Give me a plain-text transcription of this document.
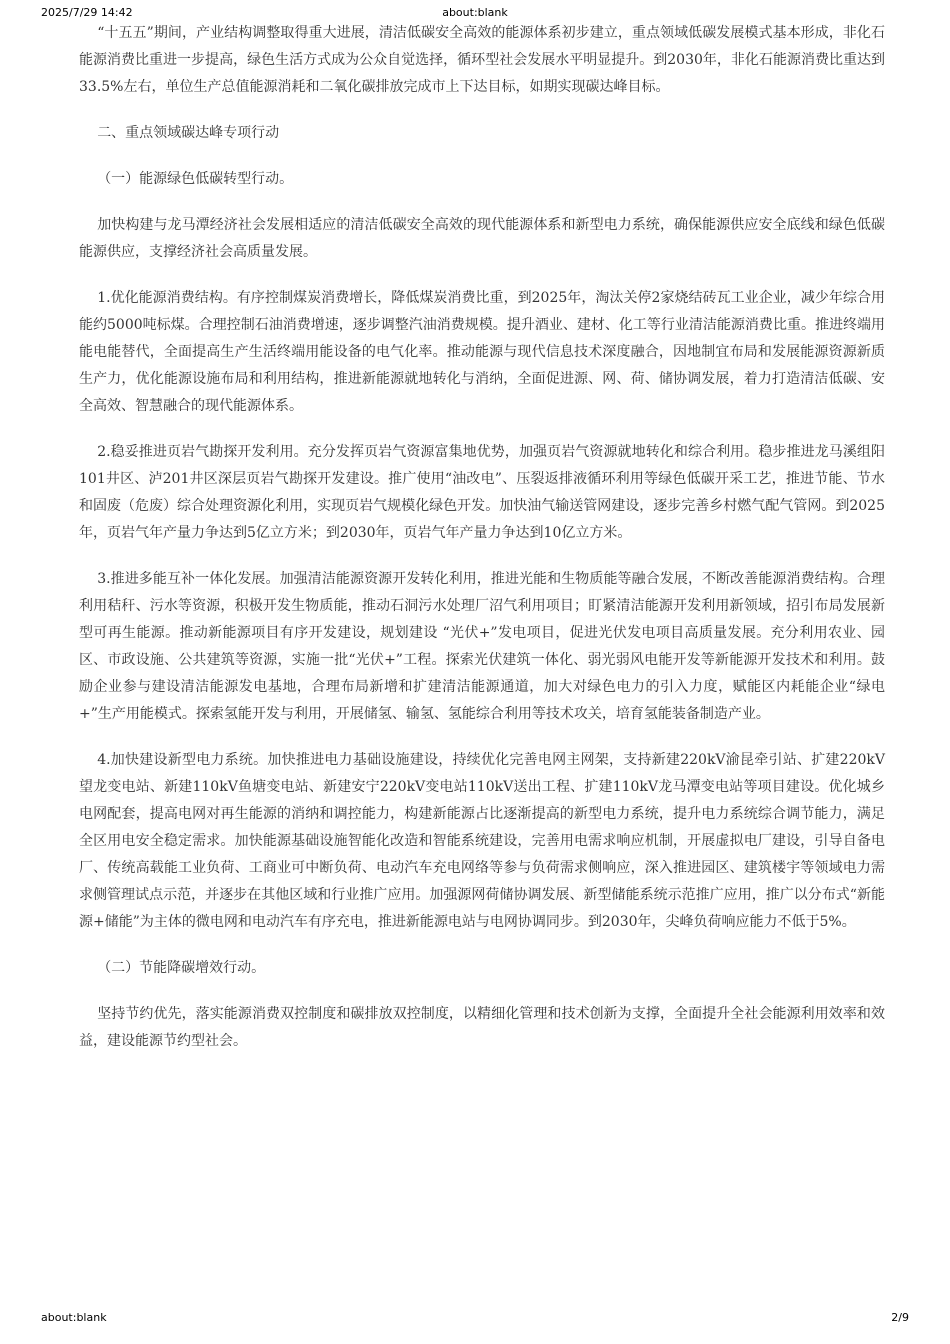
2025/7/29 14:42	about:blank

“十五五”期间，产业结构调整取得重大进展，清洁低碳安全高效的能源体系初步建立，重点领域低碳发展模式基本形成，非化石能源消费比重进一步提高，绿色生活方式成为公众自觉选择，循环型社会发展水平明显提升。到2030年，非化石能源消费比重达到33.5%左右，单位生产总值能源消耗和二氧化碳排放完成市上下达目标，如期实现碳达峰目标。

二、重点领域碳达峰专项行动

（一）能源绿色低碳转型行动。

加快构建与龙马潭经济社会发展相适应的清洁低碳安全高效的现代能源体系和新型电力系统，确保能源供应安全底线和绿色低碳能源供应，支撑经济社会高质量发展。

1.优化能源消费结构。有序控制煤炭消费增长，降低煤炭消费比重，到2025年，淘汰关停2家烧结砖瓦工业企业，减少年综合用能约5000吨标煤。合理控制石油消费增速，逐步调整汽油消费规模。提升酒业、建材、化工等行业清洁能源消费比重。推进终端用能电能替代，全面提高生产生活终端用能设备的电气化率。推动能源与现代信息技术深度融合，因地制宜布局和发展能源资源新质生产力，优化能源设施布局和利用结构，推进新能源就地转化与消纳，全面促进源、网、荷、储协调发展，着力打造清洁低碳、安全高效、智慧融合的现代能源体系。

2.稳妥推进页岩气勘探开发利用。充分发挥页岩气资源富集地优势，加强页岩气资源就地转化和综合利用。稳步推进龙马溪组阳101井区、泸201井区深层页岩气勘探开发建设。推广使用“油改电”、压裂返排液循环利用等绿色低碳开采工艺，推进节能、节水和固废（危废）综合处理资源化利用，实现页岩气规模化绿色开发。加快油气输送管网建设，逐步完善乡村燃气配气管网。到2025年，页岩气年产量力争达到5亿立方米；到2030年，页岩气年产量力争达到10亿立方米。

3.推进多能互补一体化发展。加强清洁能源资源开发转化利用，推进光能和生物质能等融合发展，不断改善能源消费结构。合理利用秸秆、污水等资源，积极开发生物质能，推动石洞污水处理厂沼气利用项目；盯紧清洁能源开发利用新领域，招引布局发展新型可再生能源。推动新能源项目有序开发建设，规划建设 “光伏+”发电项目，促进光伏发电项目高质量发展。充分利用农业、园区、市政设施、公共建筑等资源，实施一批“光伏+”工程。探索光伏建筑一体化、弱光弱风电能开发等新能源开发技术和利用。鼓励企业参与建设清洁能源发电基地，合理布局新增和扩建清洁能源通道，加大对绿色电力的引入力度，赋能区内耗能企业“绿电+”生产用能模式。探索氢能开发与利用，开展储氢、输氢、氢能综合利用等技术攻关，培育氢能装备制造产业。

4.加快建设新型电力系统。加快推进电力基础设施建设，持续优化完善电网主网架，支持新建220kV渝昆牵引站、扩建220kV望龙变电站、新建110kV鱼塘变电站、新建安宁220kV变电站110kV送出工程、扩建110kV龙马潭变电站等项目建设。优化城乡电网配套，提高电网对再生能源的消纳和调控能力，构建新能源占比逐渐提高的新型电力系统，提升电力系统综合调节能力，满足全区用电安全稳定需求。加快能源基础设施智能化改造和智能系统建设，完善用电需求响应机制，开展虚拟电厂建设，引导自备电厂、传统高载能工业负荷、工商业可中断负荷、电动汽车充电网络等参与负荷需求侧响应，深入推进园区、建筑楼宇等领域电力需求侧管理试点示范，并逐步在其他区域和行业推广应用。加强源网荷储协调发展、新型储能系统示范推广应用，推广以分布式“新能源+储能”为主体的微电网和电动汽车有序充电，推进新能源电站与电网协调同步。到2030年，尖峰负荷响应能力不低于5%。

（二）节能降碳增效行动。

坚持节约优先，落实能源消费双控制度和碳排放双控制度，以精细化管理和技术创新为支撑，全面提升全社会能源利用效率和效益，建设能源节约型社会。

about:blank	2/9
